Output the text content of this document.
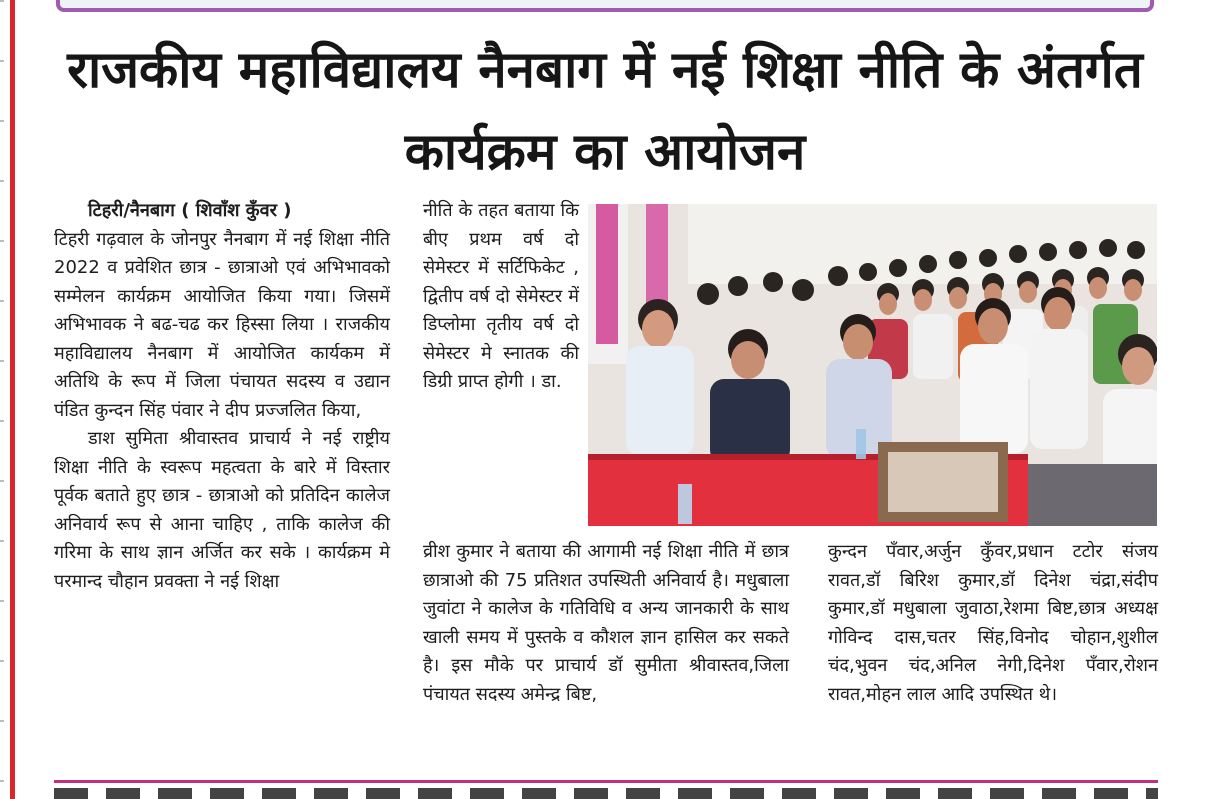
राजकीय महाविद्यालय नैनबाग में नई शिक्षा नीति के अंतर्गत कार्यक्रम का आयोजन

टिहरी/नैनबाग ( शिवाँश कुँवर )

टिहरी गढ़वाल के जोनपुर नैनबाग में नई शिक्षा नीति 2022 व प्रवेशित छात्र - छात्राओ एवं अभिभावको सम्मेलन कार्यक्रम आयोजित किया गया। जिसमें अभिभावक ने बढ-चढ कर हिस्सा लिया । राजकीय महाविद्यालय नैनबाग में आयोजित कार्यकम में अतिथि के रूप में जिला पंचायत सदस्य व उद्यान पंडित कुन्दन सिंह पंवार ने दीप प्रज्जलित किया,

डाश सुमिता श्रीवास्तव प्राचार्य ने नई राष्ट्रीय शिक्षा नीति के स्वरूप महत्वता के बारे में विस्तार पूर्वक बताते हुए छात्र - छात्राओ को प्रतिदिन कालेज अनिवार्य रूप से आना चाहिए , ताकि कालेज की गरिमा के साथ ज्ञान अर्जित कर सके । कार्यक्रम मे परमान्द चौहान प्रवक्ता ने नई शिक्षा

नीति के तहत बताया कि बीए प्रथम वर्ष दो सेमेस्टर में सर्टिफिकेट , द्वितीप वर्ष दो सेमेस्टर में डिप्लोमा तृतीय वर्ष दो सेमेस्टर मे स्नातक की डिग्री प्राप्त होगी । डा.

व्रीश कुमार ने बताया की आगामी नई शिक्षा नीति में छात्र छात्राओ की 75 प्रतिशत उपस्थिती अनिवार्य है। मधुबाला जुवांटा ने कालेज के गतिविधि व अन्य जानकारी के साथ खाली समय में पुस्तके व कौशल ज्ञान हासिल कर सकते है। इस मौके पर प्राचार्य डॉ सुमीता श्रीवास्तव,जिला पंचायत सदस्य अमेन्द्र बिष्ट,

कुन्दन पँवार,अर्जुन कुँवर,प्रधान टटोर संजय रावत,डॉ बिरिश कुमार,डॉ दिनेश चंद्रा,संदीप कुमार,डॉ मधुबाला जुवाठा,रेशमा बिष्ट,छात्र अध्यक्ष गोविन्द दास,चतर सिंह,विनोद चोहान,शुशील चंद,भुवन चंद,अनिल नेगी,दिनेश पँवार,रोशन रावत,मोहन लाल आदि उपस्थित थे।
